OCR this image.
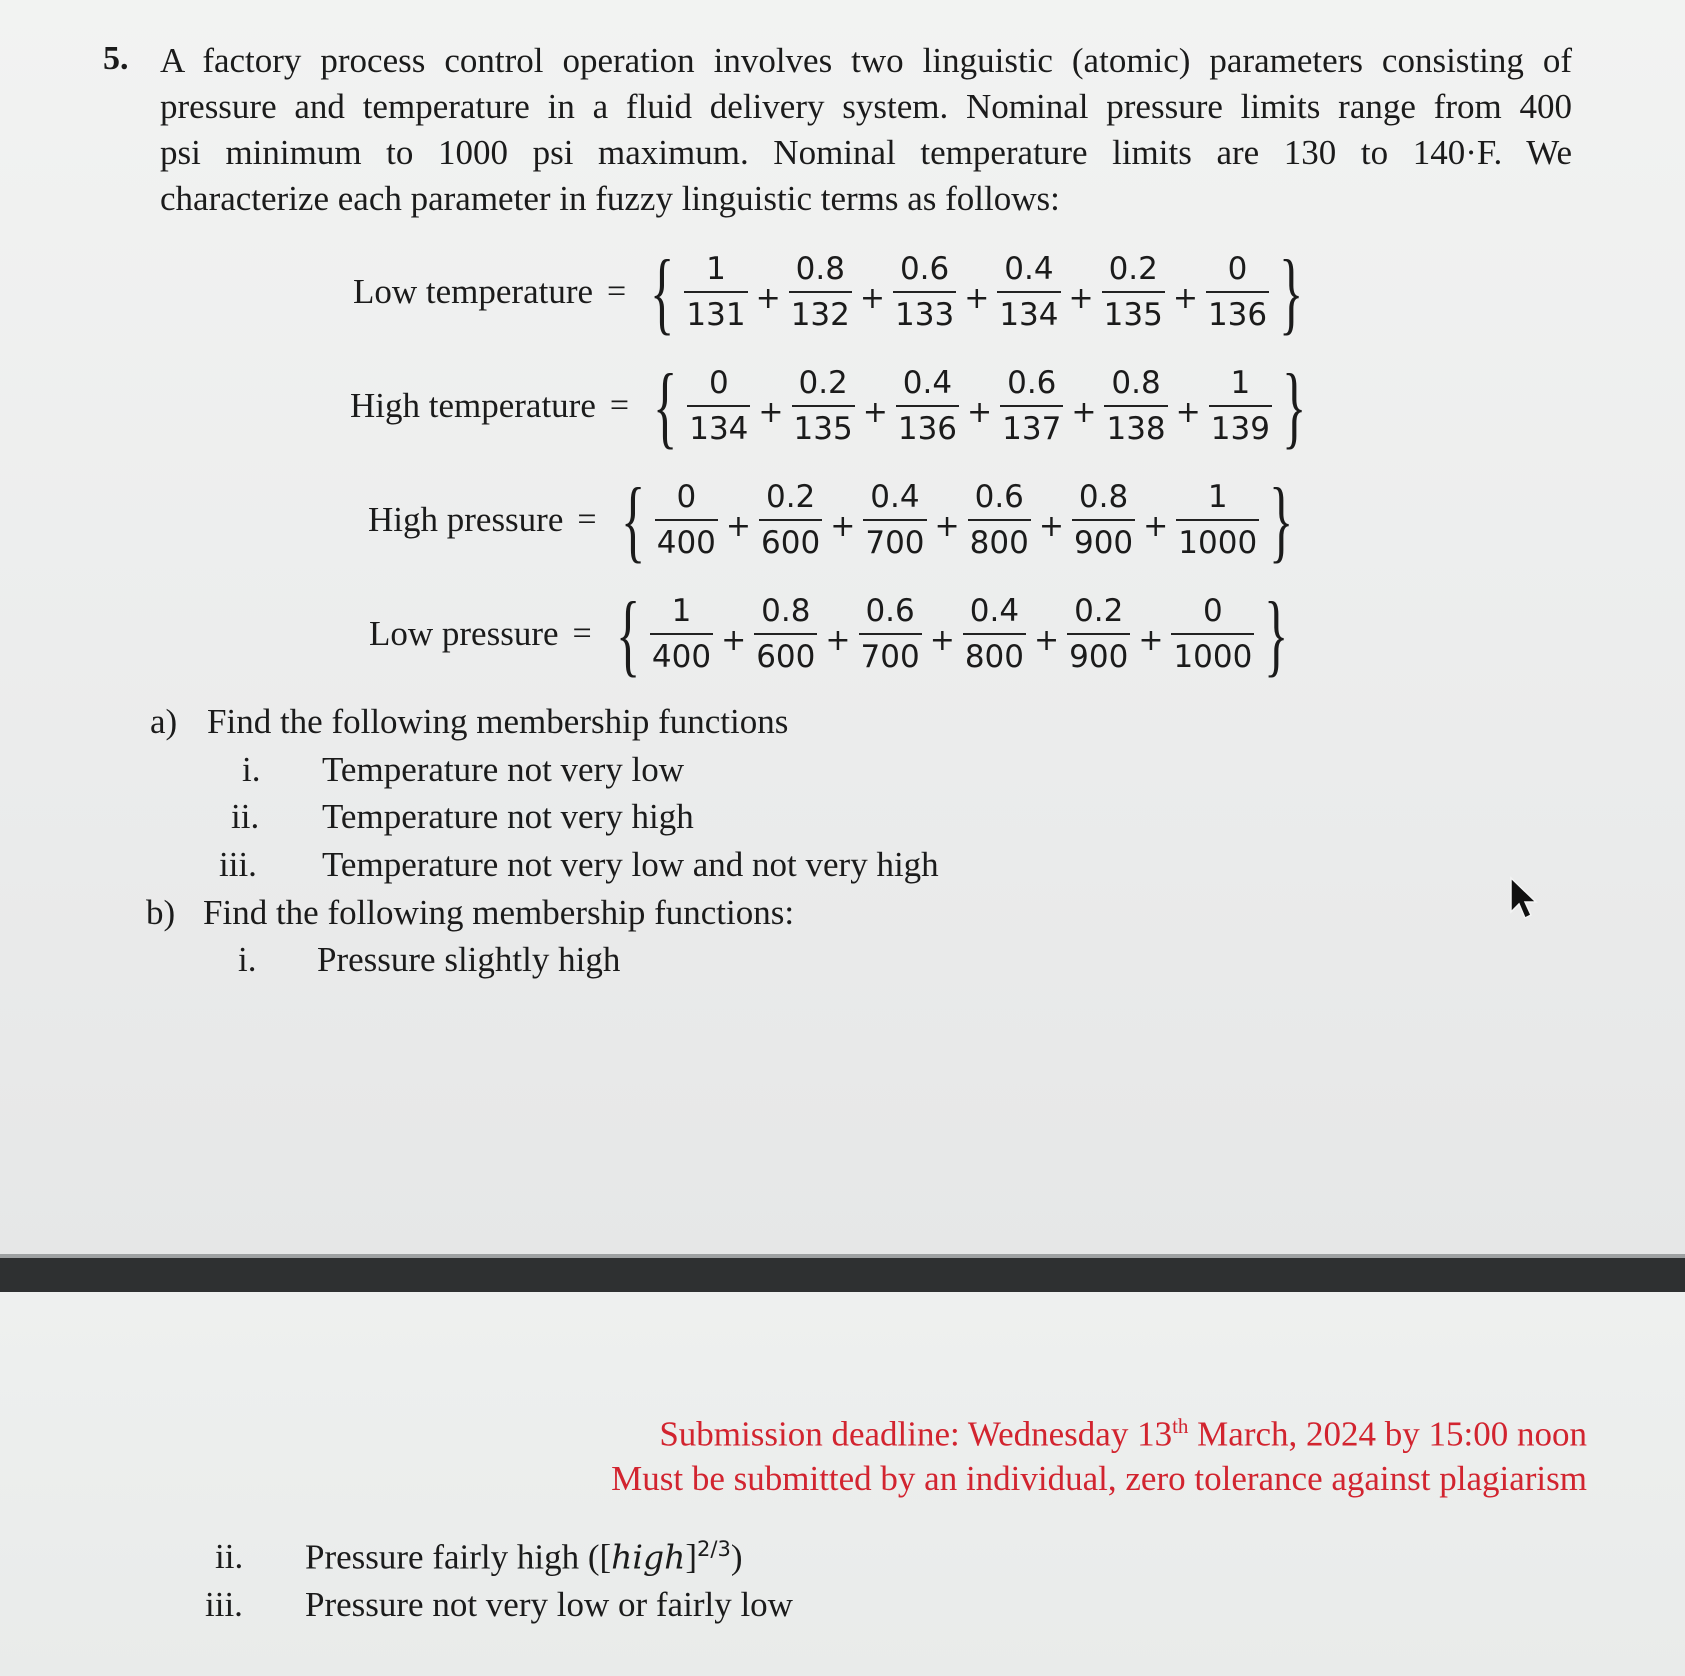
5. A factory process control operation involves two linguistic (atomic) parameters consisting of
pressure and temperature in a fluid delivery system. Nominal pressure limits range from 400
psi minimum to 1000 psi maximum. Nominal temperature limits are 130 to 140·F. We
characterize each parameter in fuzzy linguistic terms as follows:
Low temperature = { $\frac{1}{131} + \frac{0.8}{132} + \frac{0.6}{133} + \frac{0.4}{134} + \frac{0.2}{135} + \frac{0}{136}$ }
High temperature = { $\frac{0}{134} + \frac{0.2}{135} + \frac{0.4}{136} + \frac{0.6}{137} + \frac{0.8}{138} + \frac{1}{139}$ }
High pressure = { $\frac{0}{400} + \frac{0.2}{600} + \frac{0.4}{700} + \frac{0.6}{800} + \frac{0.8}{900} + \frac{1}{1000}$ }
Low pressure = { $\frac{1}{400} + \frac{0.8}{600} + \frac{0.6}{700} + \frac{0.4}{800} + \frac{0.2}{900} + \frac{0}{1000}$ }
a) Find the following membership functions
i. Temperature not very low
ii. Temperature not very high
iii. Temperature not very low and not very high
b) Find the following membership functions:
i. Pressure slightly high
Submission deadline: Wednesday 13th March, 2024 by 15:00 noon
Must be submitted by an individual, zero tolerance against plagiarism
ii. Pressure fairly high ([high]$^{2/3}$)
iii. Pressure not very low or fairly low
